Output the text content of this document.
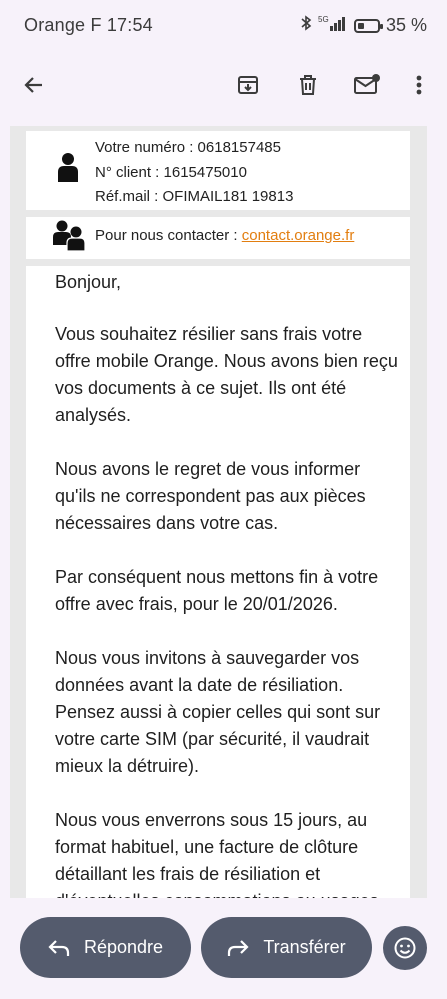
Orange F 17:54	5G	35 %
Votre numéro : 0618157485
N° client : 1615475010
Réf.mail : OFIMAIL181 19813
Pour nous contacter : contact.orange.fr

Bonjour,

Vous souhaitez résilier sans frais votre offre mobile Orange. Nous avons bien reçu vos documents à ce sujet. Ils ont été analysés.

Nous avons le regret de vous informer qu'ils ne correspondent pas aux pièces nécessaires dans votre cas.

Par conséquent nous mettons fin à votre offre avec frais, pour le 20/01/2026.

Nous vous invitons à sauvegarder vos données avant la date de résiliation. Pensez aussi à copier celles qui sont sur votre carte SIM (par sécurité, il vaudrait mieux la détruire).

Nous vous enverrons sous 15 jours, au format habituel, une facture de clôture détaillant les frais de résiliation et

Répondre	Transférer
